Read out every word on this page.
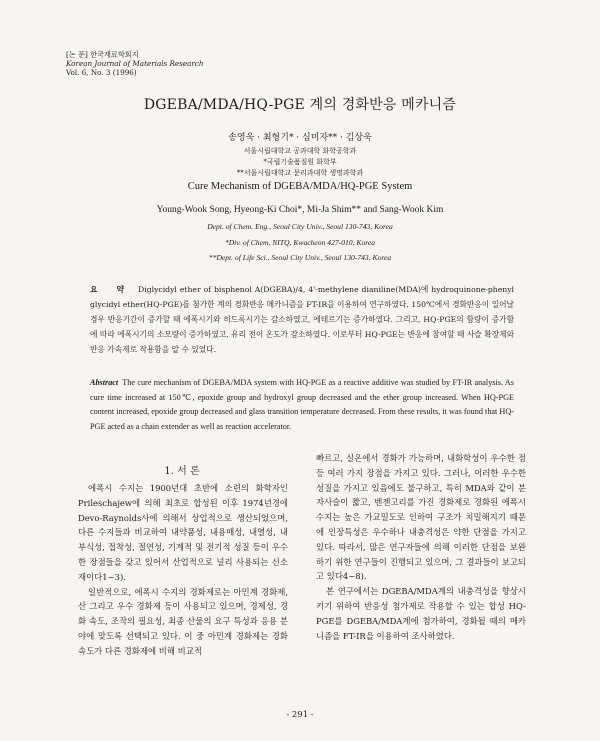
[논 문] 한국재료학회지
Korean Journal of Materials Research
Vol. 6, No. 3 (1996)
DGEBA/MDA/HQ-PGE 계의 경화반응 메카니즘
송영욱 · 최형기* · 심미자** · 김상욱
서울시립대학교 공과대학 화학공학과
*국립기술품질원 화학부
**서울시립대학교 문리과대학 생명과학과
Cure Mechanism of DGEBA/MDA/HQ-PGE System
Young-Wook Song, Hyeong-Ki Choi*, Mi-Ja Shim** and Sang-Wook Kim
Dept. of Chem. Eng., Seoul City Univ., Seoul 130-743, Korea
*Div. of Chem, NITQ, Kwacheon 427-010, Korea
**Dept. of Life Sci., Seoul City Univ., Seoul 130-743, Korea
요 약 Diglycidyl ether of bisphenol A(DGEBA)/4, 4'-methylene dianiline(MDA)에 hydroquinone-phenyl glycidyl ether(HQ-PGE)를 첨가한 계의 경화반응 메카니즘을 FT-IR을 이용하여 연구하였다. 150℃에서 경화반응이 일어날 경우 반응기간이 증가할 때 에폭시기와 히드록시기는 감소하였고, 에테르기는 증가하였다. 그리고, HQ-PGE의 함량이 증가함에 따라 에폭시기의 소모량이 증가하였고, 유리 전이 온도가 감소하였다. 이로부터 HQ-PGE는 반응에 참여할 때 사슬 확장제와 반응 가속제로 작용함을 알 수 있었다.
Abstract The cure mechanism of DGEBA/MDA system with HQ-PGE as a reactive additive was studied by FT-IR analysis. As cure time increased at 150℃, epoxide group and hydroxyl group decreased and the ether group increased. When HQ-PGE content increased, epoxide group decreased and glass transition temperature decreased. From these results, it was found that HQ-PGE acted as a chain extender as well as reaction accelerator.
1. 서 론

에폭시 수지는 1900년대 초반에 소련의 화학자인 Prileschajew에 의해 최초로 합성된 이후 1974년경에 Devo-Raynolds사에 의해서 상업적으로 생산되었으며, 다른 수지들과 비교하여 내약품성, 내용매성, 내열성, 내부식성, 접착성, 절연성, 기계적 및 전기적 성질 등이 우수한 장점들을 갖고 있어서 산업적으로 널리 사용되는 신소재이다1~3).

일반적으로, 에폭시 수지의 경화제로는 아민계 경화제, 산 그리고 우수 경화제 등이 사용되고 있으며, 경제성, 경화 속도, 조작의 필요성, 최종 산물의 요구 특성과 응용 분야에 맞도록 선택되고 있다. 이 중 아민계 경화제는 경화 속도가 다른 경화제에 비해 비교적

빠르고, 실온에서 경화가 가능하며, 내화학성이 우수한 점 등 여러 가지 장점을 가지고 있다. 그러나, 이러한 우수한 성질을 가지고 있음에도 불구하고, 특히 MDA와 같이 분자사슬이 짧고, 벤젠고리를 가진 경화제로 경화된 에폭시 수지는 높은 가교밀도로 인하여 구조가 치밀해지기 때문에 인장특성은 우수하나 내충격성은 약한 단점을 가지고 있다. 따라서, 많은 연구자들에 의해 이러한 단점을 보완하기 위한 연구들이 진행되고 있으며, 그 결과들이 보고되고 있다4~8).

본 연구에서는 DGEBA/MDA계의 내충격성을 향상시키기 위하여 반응성 첨가제로 작용할 수 있는 합성 HQ-PGE를 DGEBA/MDA계에 첨가하여, 경화될 때의 메카니즘을 FT-IR을 이용하여 조사하였다.

- 291 -
